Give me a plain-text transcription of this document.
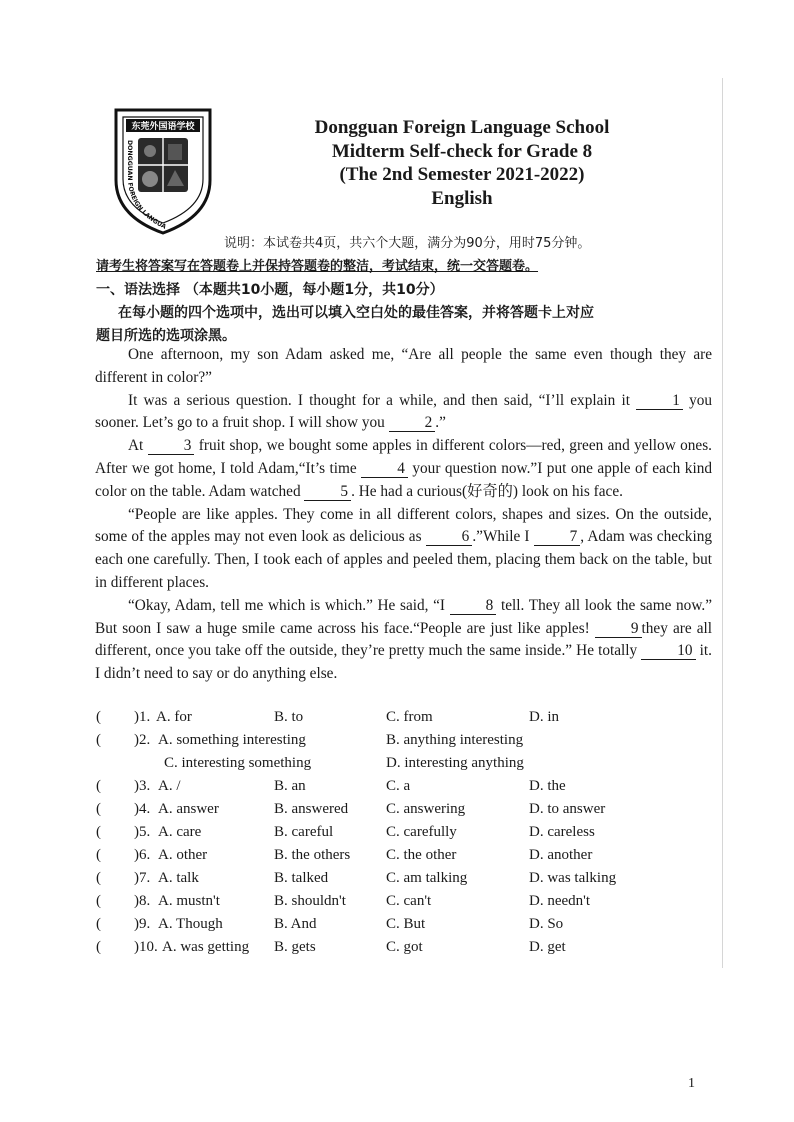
东莞外国语学校
DONGGUAN FOREIGN LANGUA
Dongguan Foreign Language School
Midterm Self-check for Grade 8
(The 2nd Semester 2021-2022)
English
说明：本试卷共4页，共六个大题，满分为90分，用时75分钟。
请考生将答案写在答题卷上并保持答题卷的整洁，考试结束，统一交答题卷。
一、语法选择 （本题共10小题，每小题1分，共10分）
在每小题的四个选项中，选出可以填入空白处的最佳答案，并将答题卡上对应
题目所选的选项涂黑。

One afternoon, my son Adam asked me, “Are all people the same even though they are different in color?”

It was a serious question. I thought for a while, and then said, “I’ll explain it	1 you sooner. Let’s go to a fruit shop. I will show you	2 .”

At	3 fruit shop, we bought some apples in different colors—red, green and yellow ones. After we got home, I told Adam,“It’s time	4 your question now.”I put one apple of each kind color on the table. Adam watched	5 . He had a curious(好奇的) look on his face.

“People are like apples. They come in all different colors, shapes and sizes. On the outside, some of the apples may not even look as delicious as	6 .”While I	7 , Adam was checking each one carefully. Then, I took each of apples and peeled them, placing them back on the table, but in different places.

“Okay, Adam, tell me which is which.” He said, “I	8 tell. They all look the same now.” But soon I saw a huge smile came across his face.“People are just like apples!	9 they are all different, once you take off the outside, they’re pretty much the same inside.” He totally	10 it. I didn’t need to say or do anything else.

( )1. A. for	B. to	C. from	D. in
( )2. A. something interesting	B. anything interesting
C. interesting something	D. interesting anything
( )3. A. /	B. an	C. a	D. the
( )4. A. answer	B. answered	C. answering	D. to answer
( )5. A. care	B. careful	C. carefully	D. careless
( )6. A. other	B. the others C. the other	D. another
( )7. A. talk	B. talked	C. am talking	D. was talking
( )8. A. mustn't	B. shouldn't	C. can't	D. needn't
( )9. A. Though	B. And	C. But	D. So
( )10. A. was getting B. gets	C. got	D. get
1
